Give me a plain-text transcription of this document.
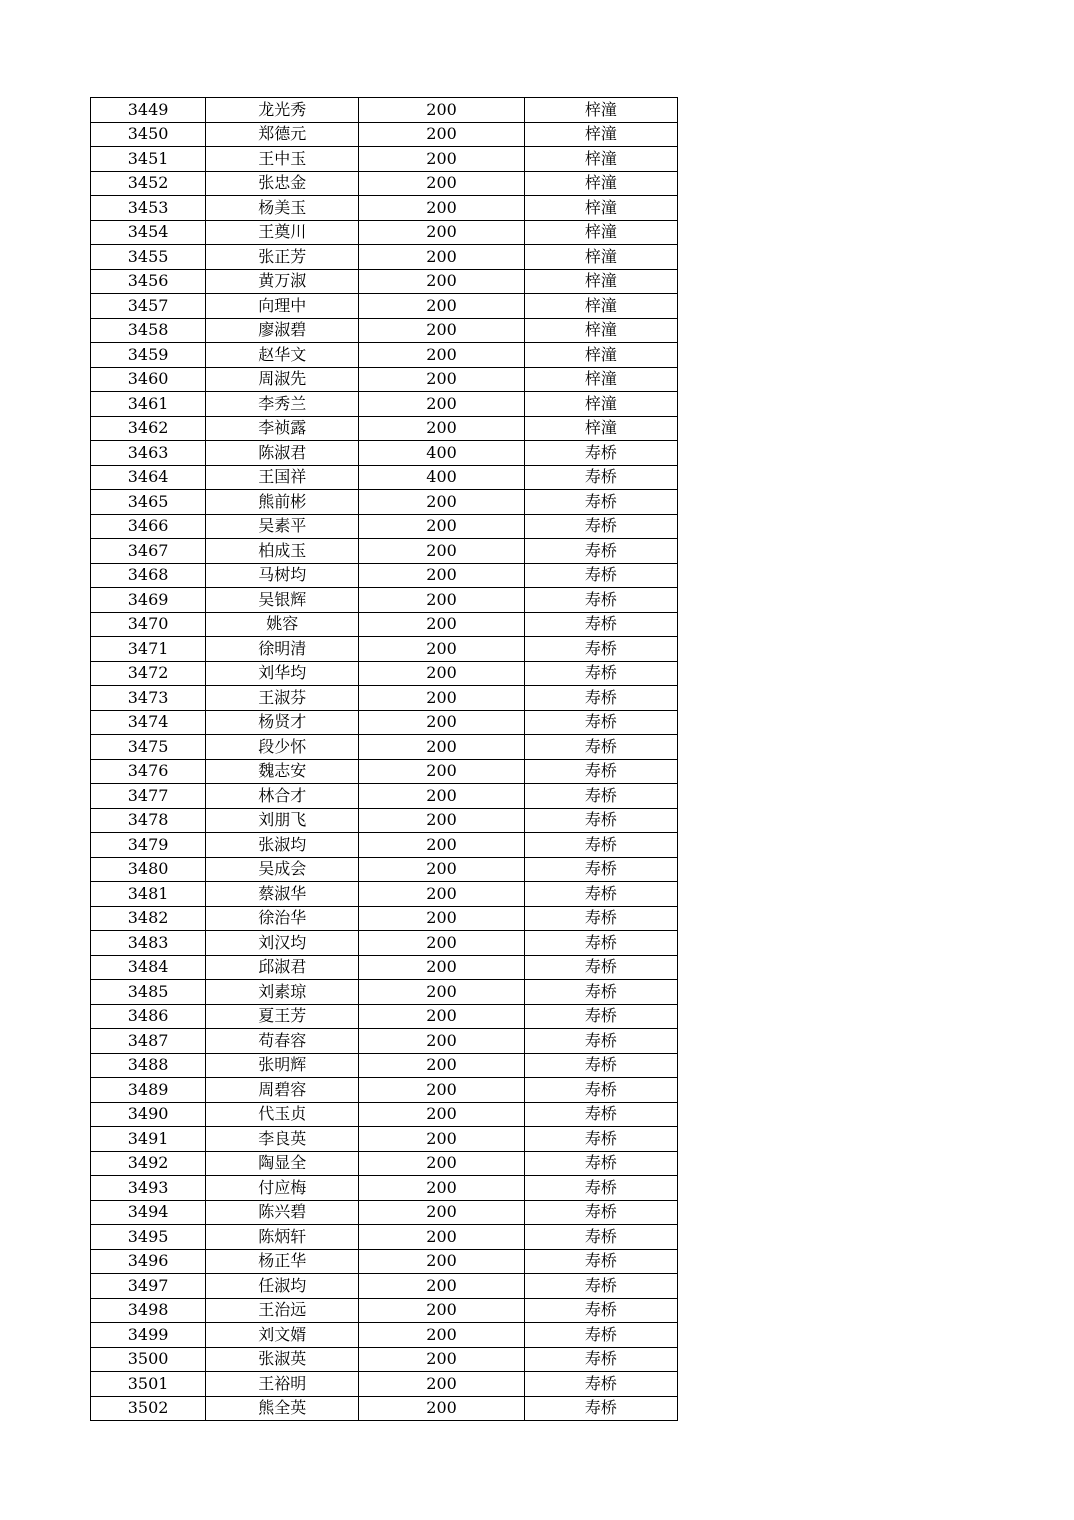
3449	龙光秀	200	梓潼
3450	郑德元	200	梓潼
3451	王中玉	200	梓潼
3452	张忠金	200	梓潼
3453	杨美玉	200	梓潼
3454	王奠川	200	梓潼
3455	张正芳	200	梓潼
3456	黄万淑	200	梓潼
3457	向理中	200	梓潼
3458	廖淑碧	200	梓潼
3459	赵华文	200	梓潼
3460	周淑先	200	梓潼
3461	李秀兰	200	梓潼
3462	李祯露	200	梓潼
3463	陈淑君	400	寿桥
3464	王国祥	400	寿桥
3465	熊前彬	200	寿桥
3466	吴素平	200	寿桥
3467	柏成玉	200	寿桥
3468	马树均	200	寿桥
3469	吴银辉	200	寿桥
3470	姚容	200	寿桥
3471	徐明清	200	寿桥
3472	刘华均	200	寿桥
3473	王淑芬	200	寿桥
3474	杨贤才	200	寿桥
3475	段少怀	200	寿桥
3476	魏志安	200	寿桥
3477	林合才	200	寿桥
3478	刘朋飞	200	寿桥
3479	张淑均	200	寿桥
3480	吴成会	200	寿桥
3481	蔡淑华	200	寿桥
3482	徐治华	200	寿桥
3483	刘汉均	200	寿桥
3484	邱淑君	200	寿桥
3485	刘素琼	200	寿桥
3486	夏王芳	200	寿桥
3487	苟春容	200	寿桥
3488	张明辉	200	寿桥
3489	周碧容	200	寿桥
3490	代玉贞	200	寿桥
3491	李良英	200	寿桥
3492	陶显全	200	寿桥
3493	付应梅	200	寿桥
3494	陈兴碧	200	寿桥
3495	陈炳轩	200	寿桥
3496	杨正华	200	寿桥
3497	任淑均	200	寿桥
3498	王治远	200	寿桥
3499	刘文婿	200	寿桥
3500	张淑英	200	寿桥
3501	王裕明	200	寿桥
3502	熊全英	200	寿桥
